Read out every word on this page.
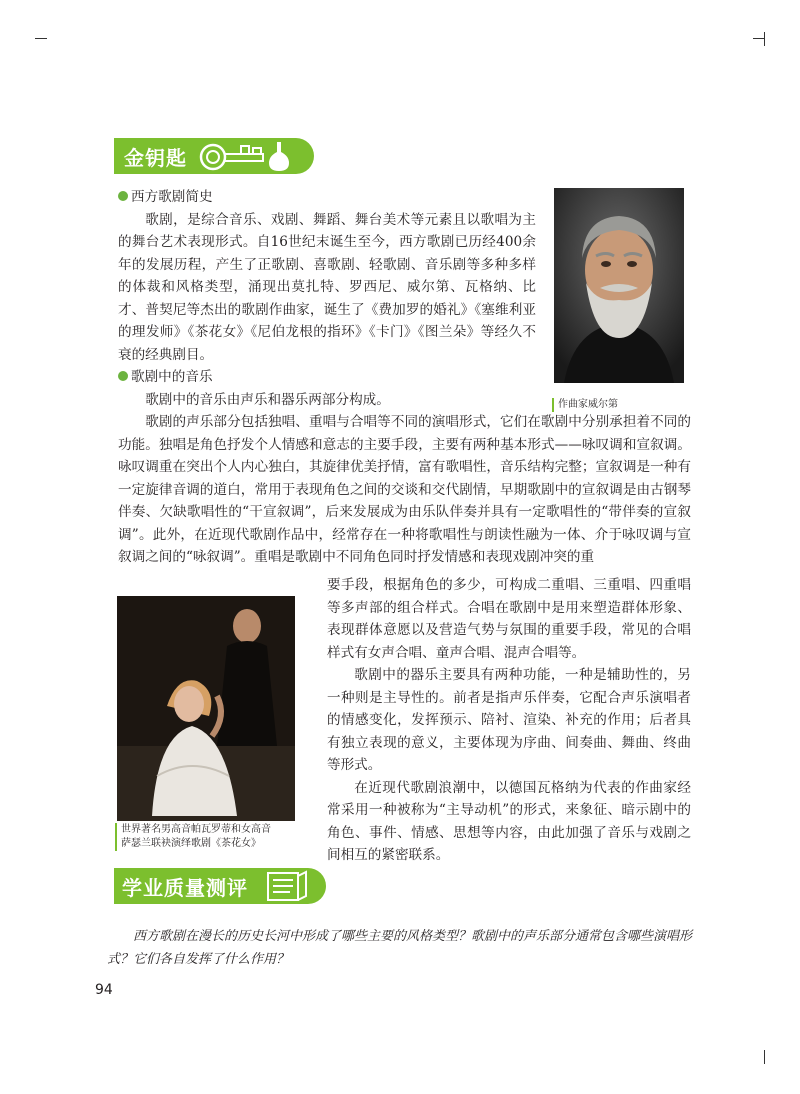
金钥匙

西方歌剧简史

歌剧，是综合音乐、戏剧、舞蹈、舞台美术等元素且以歌唱为主的舞台艺术表现形式。自16世纪末诞生至今，西方歌剧已历经400余年的发展历程，产生了正歌剧、喜歌剧、轻歌剧、音乐剧等多种多样的体裁和风格类型，涌现出莫扎特、罗西尼、威尔第、瓦格纳、比才、普契尼等杰出的歌剧作曲家，诞生了《费加罗的婚礼》《塞维利亚的理发师》《茶花女》《尼伯龙根的指环》《卡门》《图兰朵》等经久不衰的经典剧目。

歌剧中的音乐

歌剧中的音乐由声乐和器乐两部分构成。	作曲家威尔第
歌剧的声乐部分包括独唱、重唱与合唱等不同的演唱形式，它们在歌剧中分别承担着不同的功能。独唱是角色抒发个人情感和意志的主要手段，主要有两种基本形式——咏叹调和宣叙调。咏叹调重在突出个人内心独白，其旋律优美抒情，富有歌唱性，音乐结构完整；宣叙调是一种有一定旋律音调的道白，常用于表现角色之间的交谈和交代剧情，早期歌剧中的宣叙调是由古钢琴伴奏、欠缺歌唱性的“干宣叙调”，后来发展成为由乐队伴奏并具有一定歌唱性的“带伴奏的宣叙调”。此外，在近现代歌剧作品中，经常存在一种将歌唱性与朗读性融为一体、介于咏叹调与宣叙调之间的“咏叙调”。重唱是歌剧中不同角色同时抒发情感和表现戏剧冲突的重
世界著名男高音帕瓦罗蒂和女高音
萨瑟兰联袂演绎歌剧《茶花女》

要手段，根据角色的多少，可构成二重唱、三重唱、四重唱等多声部的组合样式。合唱在歌剧中是用来塑造群体形象、表现群体意愿以及营造气势与氛围的重要手段，常见的合唱样式有女声合唱、童声合唱、混声合唱等。

歌剧中的器乐主要具有两种功能，一种是辅助性的，另一种则是主导性的。前者是指声乐伴奏，它配合声乐演唱者的情感变化，发挥预示、陪衬、渲染、补充的作用；后者具有独立表现的意义，主要体现为序曲、间奏曲、舞曲、终曲等形式。

在近现代歌剧浪潮中，以德国瓦格纳为代表的作曲家经常采用一种被称为“主导动机”的形式，来象征、暗示剧中的角色、事件、情感、思想等内容，由此加强了音乐与戏剧之间相互的紧密联系。

学业质量测评

西方歌剧在漫长的历史长河中形成了哪些主要的风格类型？歌剧中的声乐部分通常包含哪些演唱形式？它们各自发挥了什么作用？

94
